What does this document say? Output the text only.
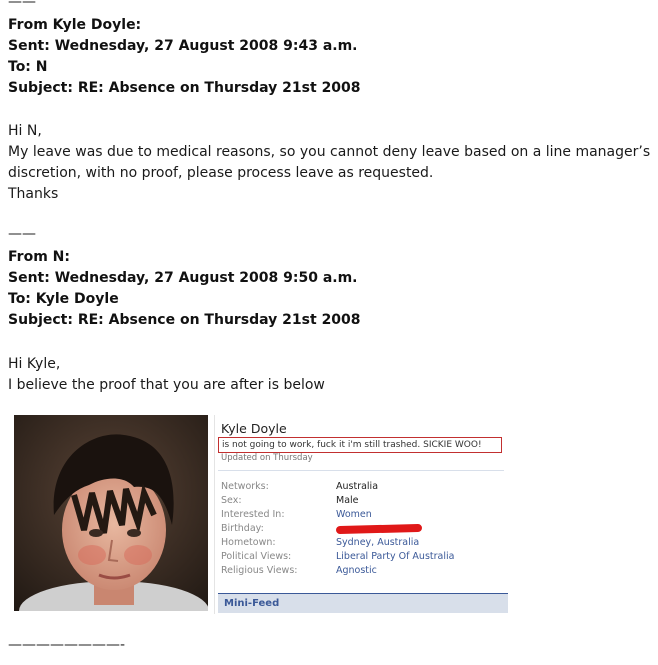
——
From Kyle Doyle:
Sent: Wednesday, 27 August 2008 9:43 a.m.
To: N
Subject: RE: Absence on Thursday 21st 2008
Hi N,
My leave was due to medical reasons, so you cannot deny leave based on a line manager’s
discretion, with no proof, please process leave as requested.
Thanks
——
From N:
Sent: Wednesday, 27 August 2008 9:50 a.m.
To: Kyle Doyle
Subject: RE: Absence on Thursday 21st 2008
Hi Kyle,
I believe the proof that you are after is below
Kyle Doyle
is not going to work, fuck it i'm still trashed. SICKIE WOO!
Updated on Thursday
Networks:	Australia
Sex:	Male
Interested In:	Women
Birthday:
Hometown:	Sydney, Australia
Political Views:	Liberal Party Of Australia
Religious Views:	Agnostic
Mini-Feed
————————-
